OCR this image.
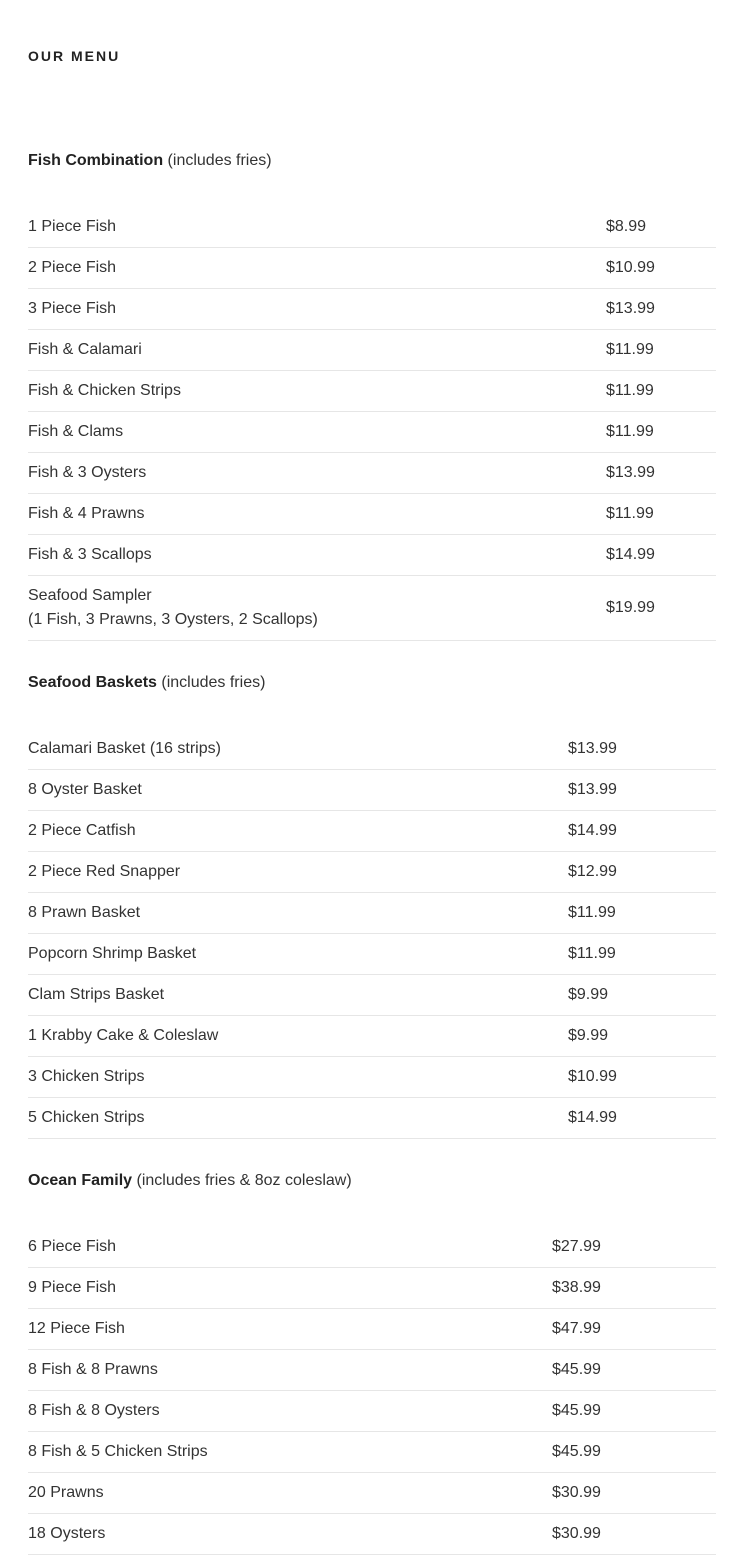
OUR MENU
Fish Combination (includes fries)
1 Piece Fish	$8.99
2 Piece Fish	$10.99
3 Piece Fish	$13.99
Fish & Calamari	$11.99
Fish & Chicken Strips	$11.99
Fish & Clams	$11.99
Fish & 3 Oysters	$13.99
Fish & 4 Prawns	$11.99
Fish & 3 Scallops	$14.99
Seafood Sampler
(1 Fish, 3 Prawns, 3 Oysters, 2 Scallops)
$19.99
Seafood Baskets (includes fries)
Calamari Basket (16 strips)	$13.99
8 Oyster Basket	$13.99
2 Piece Catfish	$14.99
2 Piece Red Snapper	$12.99
8 Prawn Basket	$11.99
Popcorn Shrimp Basket	$11.99
Clam Strips Basket	$9.99
1 Krabby Cake & Coleslaw	$9.99
3 Chicken Strips	$10.99
5 Chicken Strips	$14.99
Ocean Family (includes fries & 8oz coleslaw)
6 Piece Fish	$27.99
9 Piece Fish	$38.99
12 Piece Fish	$47.99
8 Fish & 8 Prawns	$45.99
8 Fish & 8 Oysters	$45.99
8 Fish & 5 Chicken Strips	$45.99
20 Prawns	$30.99
18 Oysters	$30.99
